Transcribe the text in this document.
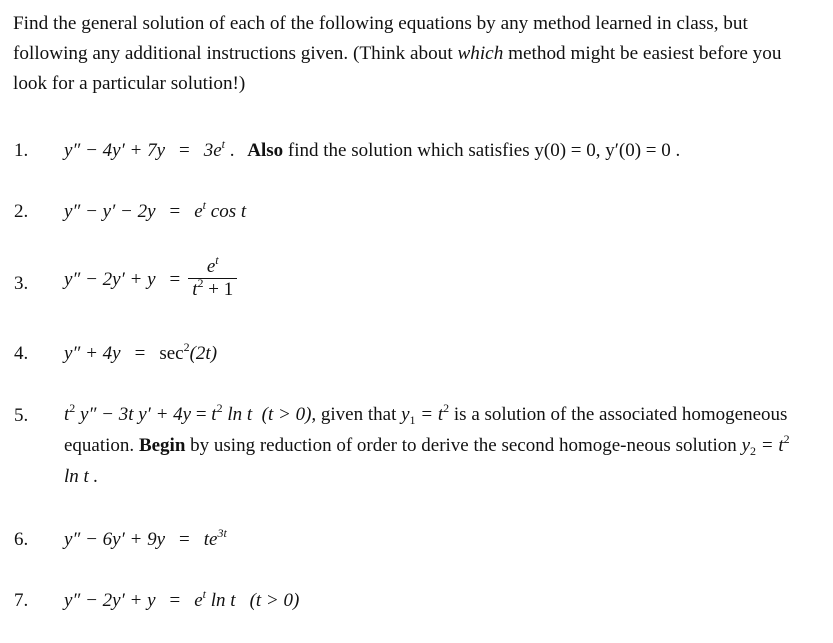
Find the general solution of each of the following equations by any method learned in class, but following any additional instructions given. (Think about which method might be easiest before you look for a particular solution!)
1. $y'' - 4y' + 7y = 3e^t$ . Also find the solution which satisfies y(0) = 0, y′(0) = 0 .
2. $y'' - y' - 2y = e^t$ cos t
3. $y'' - 2y' + y = \frac{e^t}{t^2 + 1}$
4. $y'' + 4y = \sec^2(2t)$
5. $t^2$ y″ − 3t $y' + 4y = t^2$ ln t (t > 0), given that $y_1 = t^2$ is a solution of the associated homogeneous equation. Begin by using reduction of order to derive the second homoge-neous solution $y_2 = t^2$ ln t .
6. $y'' - 6y' + 9y = te^{3t}$
7. $y'' - 2y' + y = e^t$ ln t (t > 0)
